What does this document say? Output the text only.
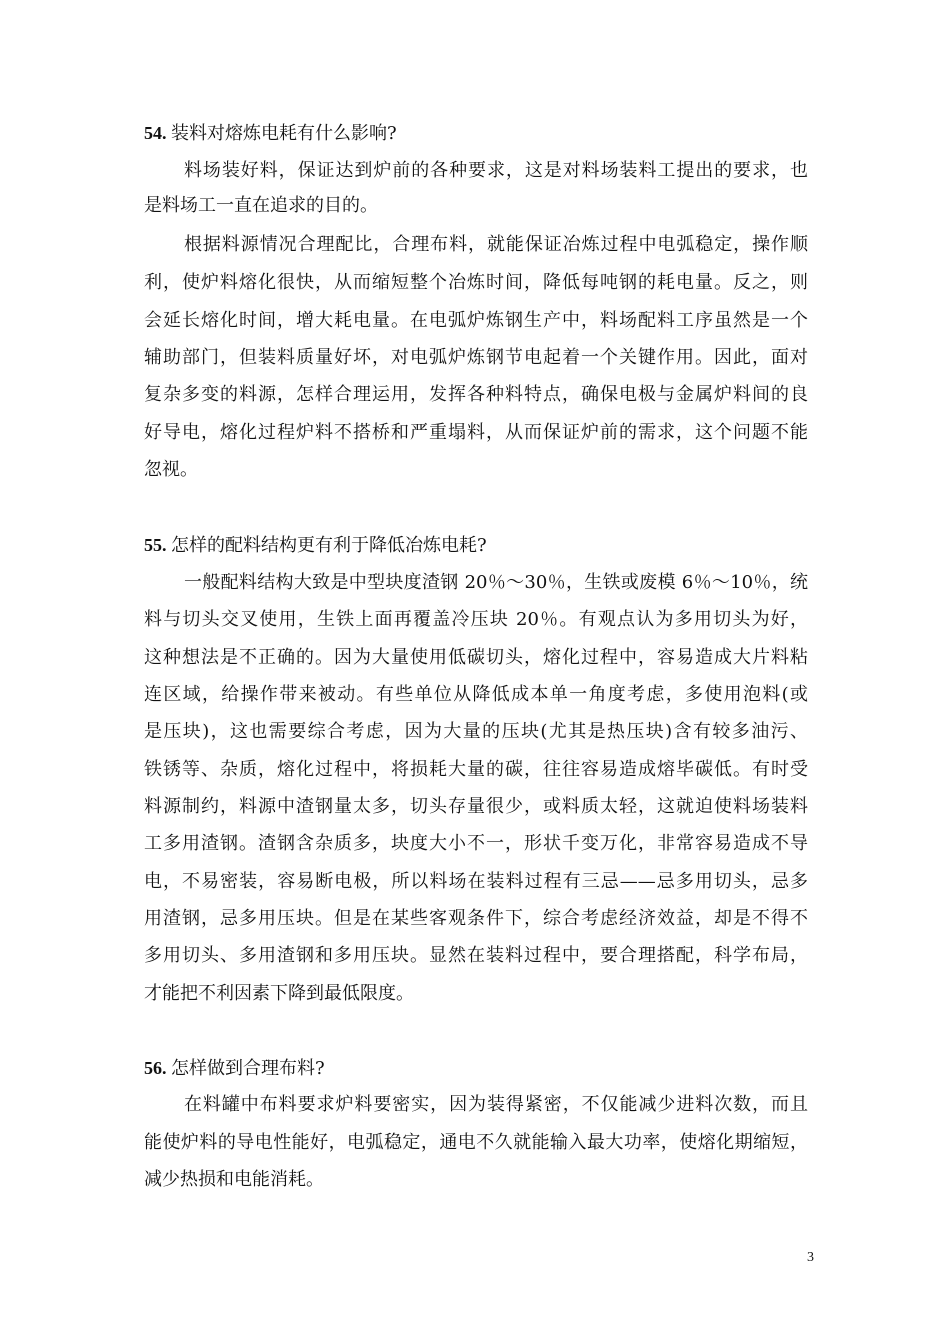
54. 装料对熔炼电耗有什么影响?
料场装好料，保证达到炉前的各种要求，这是对料场装料工提出的要求，也
是料场工一直在追求的目的。
根据料源情况合理配比，合理布料，就能保证冶炼过程中电弧稳定，操作顺
利，使炉料熔化很快，从而缩短整个冶炼时间，降低每吨钢的耗电量。反之，则
会延长熔化时间，增大耗电量。在电弧炉炼钢生产中，料场配料工序虽然是一个
辅助部门，但装料质量好坏，对电弧炉炼钢节电起着一个关键作用。因此，面对
复杂多变的料源，怎样合理运用，发挥各种料特点，确保电极与金属炉料间的良
好导电，熔化过程炉料不搭桥和严重塌料，从而保证炉前的需求，这个问题不能
忽视。
55. 怎样的配料结构更有利于降低冶炼电耗?
一般配料结构大致是中型块度渣钢 20％～30％，生铁或废模 6％～10％，统
料与切头交叉使用，生铁上面再覆盖冷压块 20％。有观点认为多用切头为好，
这种想法是不正确的。因为大量使用低碳切头，熔化过程中，容易造成大片料粘
连区域，给操作带来被动。有些单位从降低成本单一角度考虑，多使用泡料(或
是压块)，这也需要综合考虑，因为大量的压块(尤其是热压块)含有较多油污、
铁锈等、杂质，熔化过程中，将损耗大量的碳，往往容易造成熔毕碳低。有时受
料源制约，料源中渣钢量太多，切头存量很少，或料质太轻，这就迫使料场装料
工多用渣钢。渣钢含杂质多，块度大小不一，形状千变万化，非常容易造成不导
电，不易密装，容易断电极，所以料场在装料过程有三忌——忌多用切头，忌多
用渣钢，忌多用压块。但是在某些客观条件下，综合考虑经济效益，却是不得不
多用切头、多用渣钢和多用压块。显然在装料过程中，要合理搭配，科学布局，
才能把不利因素下降到最低限度。
56. 怎样做到合理布料?
在料罐中布料要求炉料要密实，因为装得紧密，不仅能减少进料次数，而且
能使炉料的导电性能好，电弧稳定，通电不久就能输入最大功率，使熔化期缩短，
减少热损和电能消耗。
3
